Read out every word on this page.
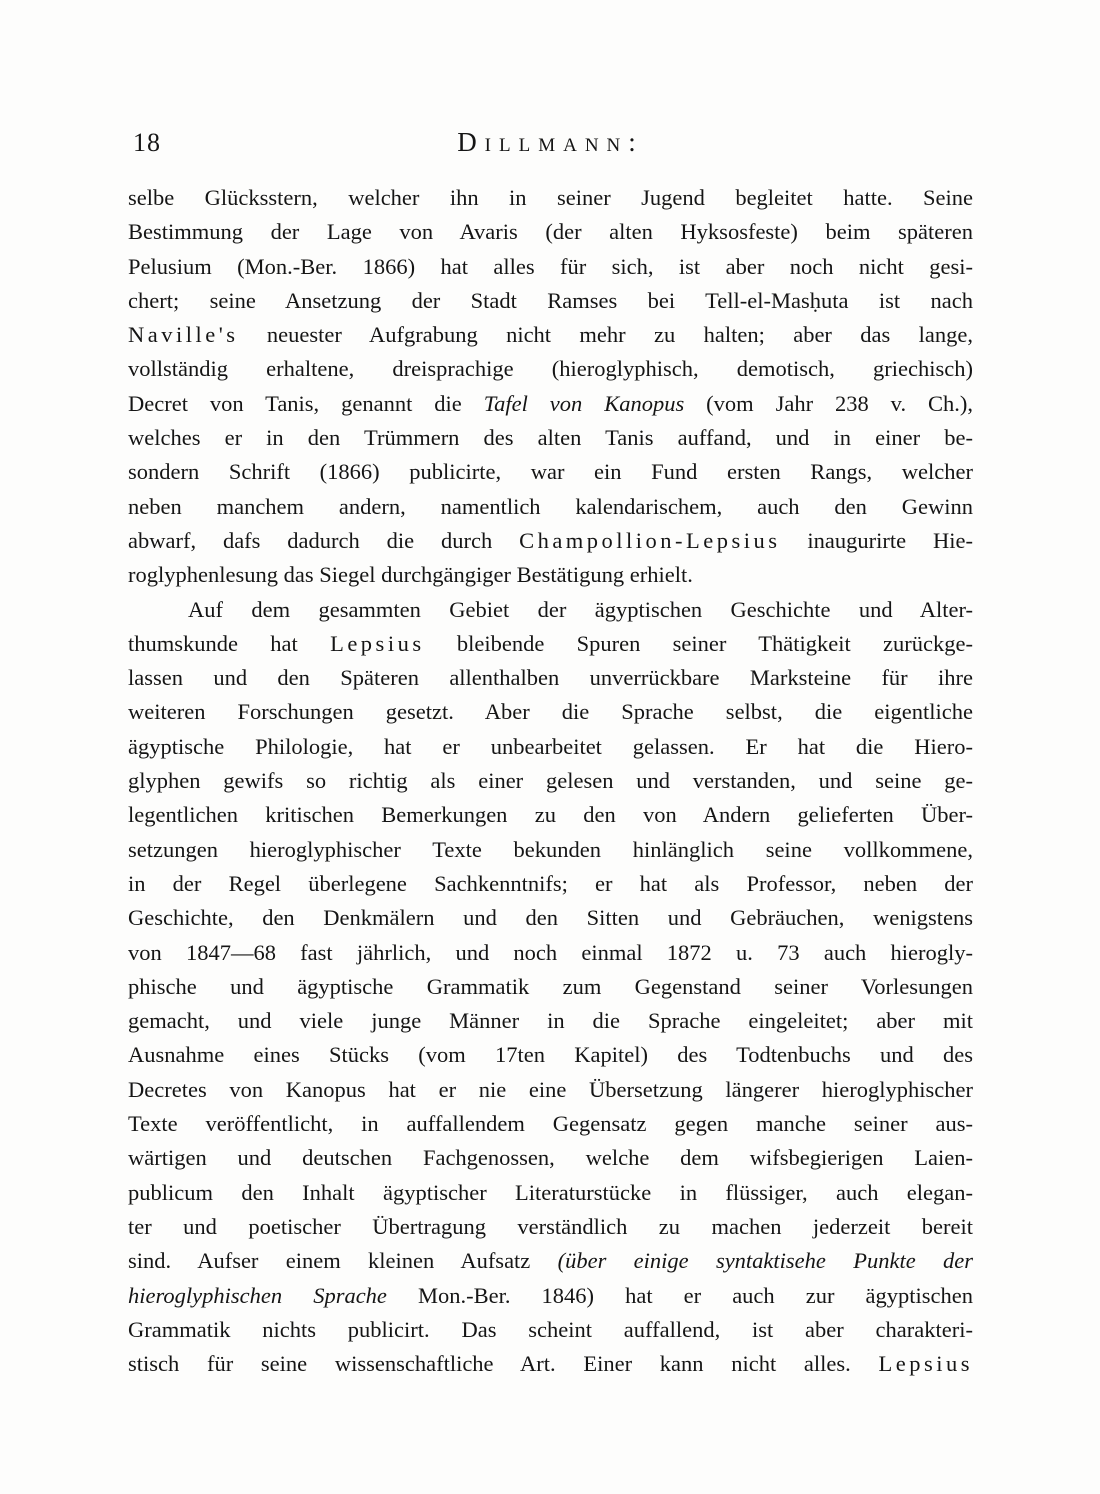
18	Dillmann:
selbe Glücksstern, welcher ihn in seiner Jugend begleitet hatte. Seine
Bestimmung der Lage von Avaris (der alten Hyksosfeste) beim späteren
Pelusium (Mon.-Ber. 1866) hat alles für sich, ist aber noch nicht gesi-
chert; seine Ansetzung der Stadt Ramses bei Tell-el-Masḥuta ist nach
Naville's neuester Aufgrabung nicht mehr zu halten; aber das lange,
vollständig erhaltene, dreisprachige (hieroglyphisch, demotisch, griechisch)
Decret von Tanis, genannt die Tafel von Kanopus (vom Jahr 238 v. Ch.),
welches er in den Trümmern des alten Tanis auffand, und in einer be-
sondern Schrift (1866) publicirte, war ein Fund ersten Rangs, welcher
neben manchem andern, namentlich kalendarischem, auch den Gewinn
abwarf, dafs dadurch die durch Champollion-Lepsius inaugurirte Hie-
roglyphenlesung das Siegel durchgängiger Bestätigung erhielt.
Auf dem gesammten Gebiet der ägyptischen Geschichte und Alter-
thumskunde hat Lepsius bleibende Spuren seiner Thätigkeit zurückge-
lassen und den Späteren allenthalben unverrückbare Marksteine für ihre
weiteren Forschungen gesetzt. Aber die Sprache selbst, die eigentliche
ägyptische Philologie, hat er unbearbeitet gelassen. Er hat die Hiero-
glyphen gewifs so richtig als einer gelesen und verstanden, und seine ge-
legentlichen kritischen Bemerkungen zu den von Andern gelieferten Über-
setzungen hieroglyphischer Texte bekunden hinlänglich seine vollkommene,
in der Regel überlegene Sachkenntnifs; er hat als Professor, neben der
Geschichte, den Denkmälern und den Sitten und Gebräuchen, wenigstens
von 1847—68 fast jährlich, und noch einmal 1872 u. 73 auch hierogly-
phische und ägyptische Grammatik zum Gegenstand seiner Vorlesungen
gemacht, und viele junge Männer in die Sprache eingeleitet; aber mit
Ausnahme eines Stücks (vom 17ten Kapitel) des Todtenbuchs und des
Decretes von Kanopus hat er nie eine Übersetzung längerer hieroglyphischer
Texte veröffentlicht, in auffallendem Gegensatz gegen manche seiner aus-
wärtigen und deutschen Fachgenossen, welche dem wifsbegierigen Laien-
publicum den Inhalt ägyptischer Literaturstücke in flüssiger, auch elegan-
ter und poetischer Übertragung verständlich zu machen jederzeit bereit
sind. Aufser einem kleinen Aufsatz (über einige syntaktisehe Punkte der
hieroglyphischen Sprache Mon.-Ber. 1846) hat er auch zur ägyptischen
Grammatik nichts publicirt. Das scheint auffallend, ist aber charakteri-
stisch für seine wissenschaftliche Art. Einer kann nicht alles. Lepsius
